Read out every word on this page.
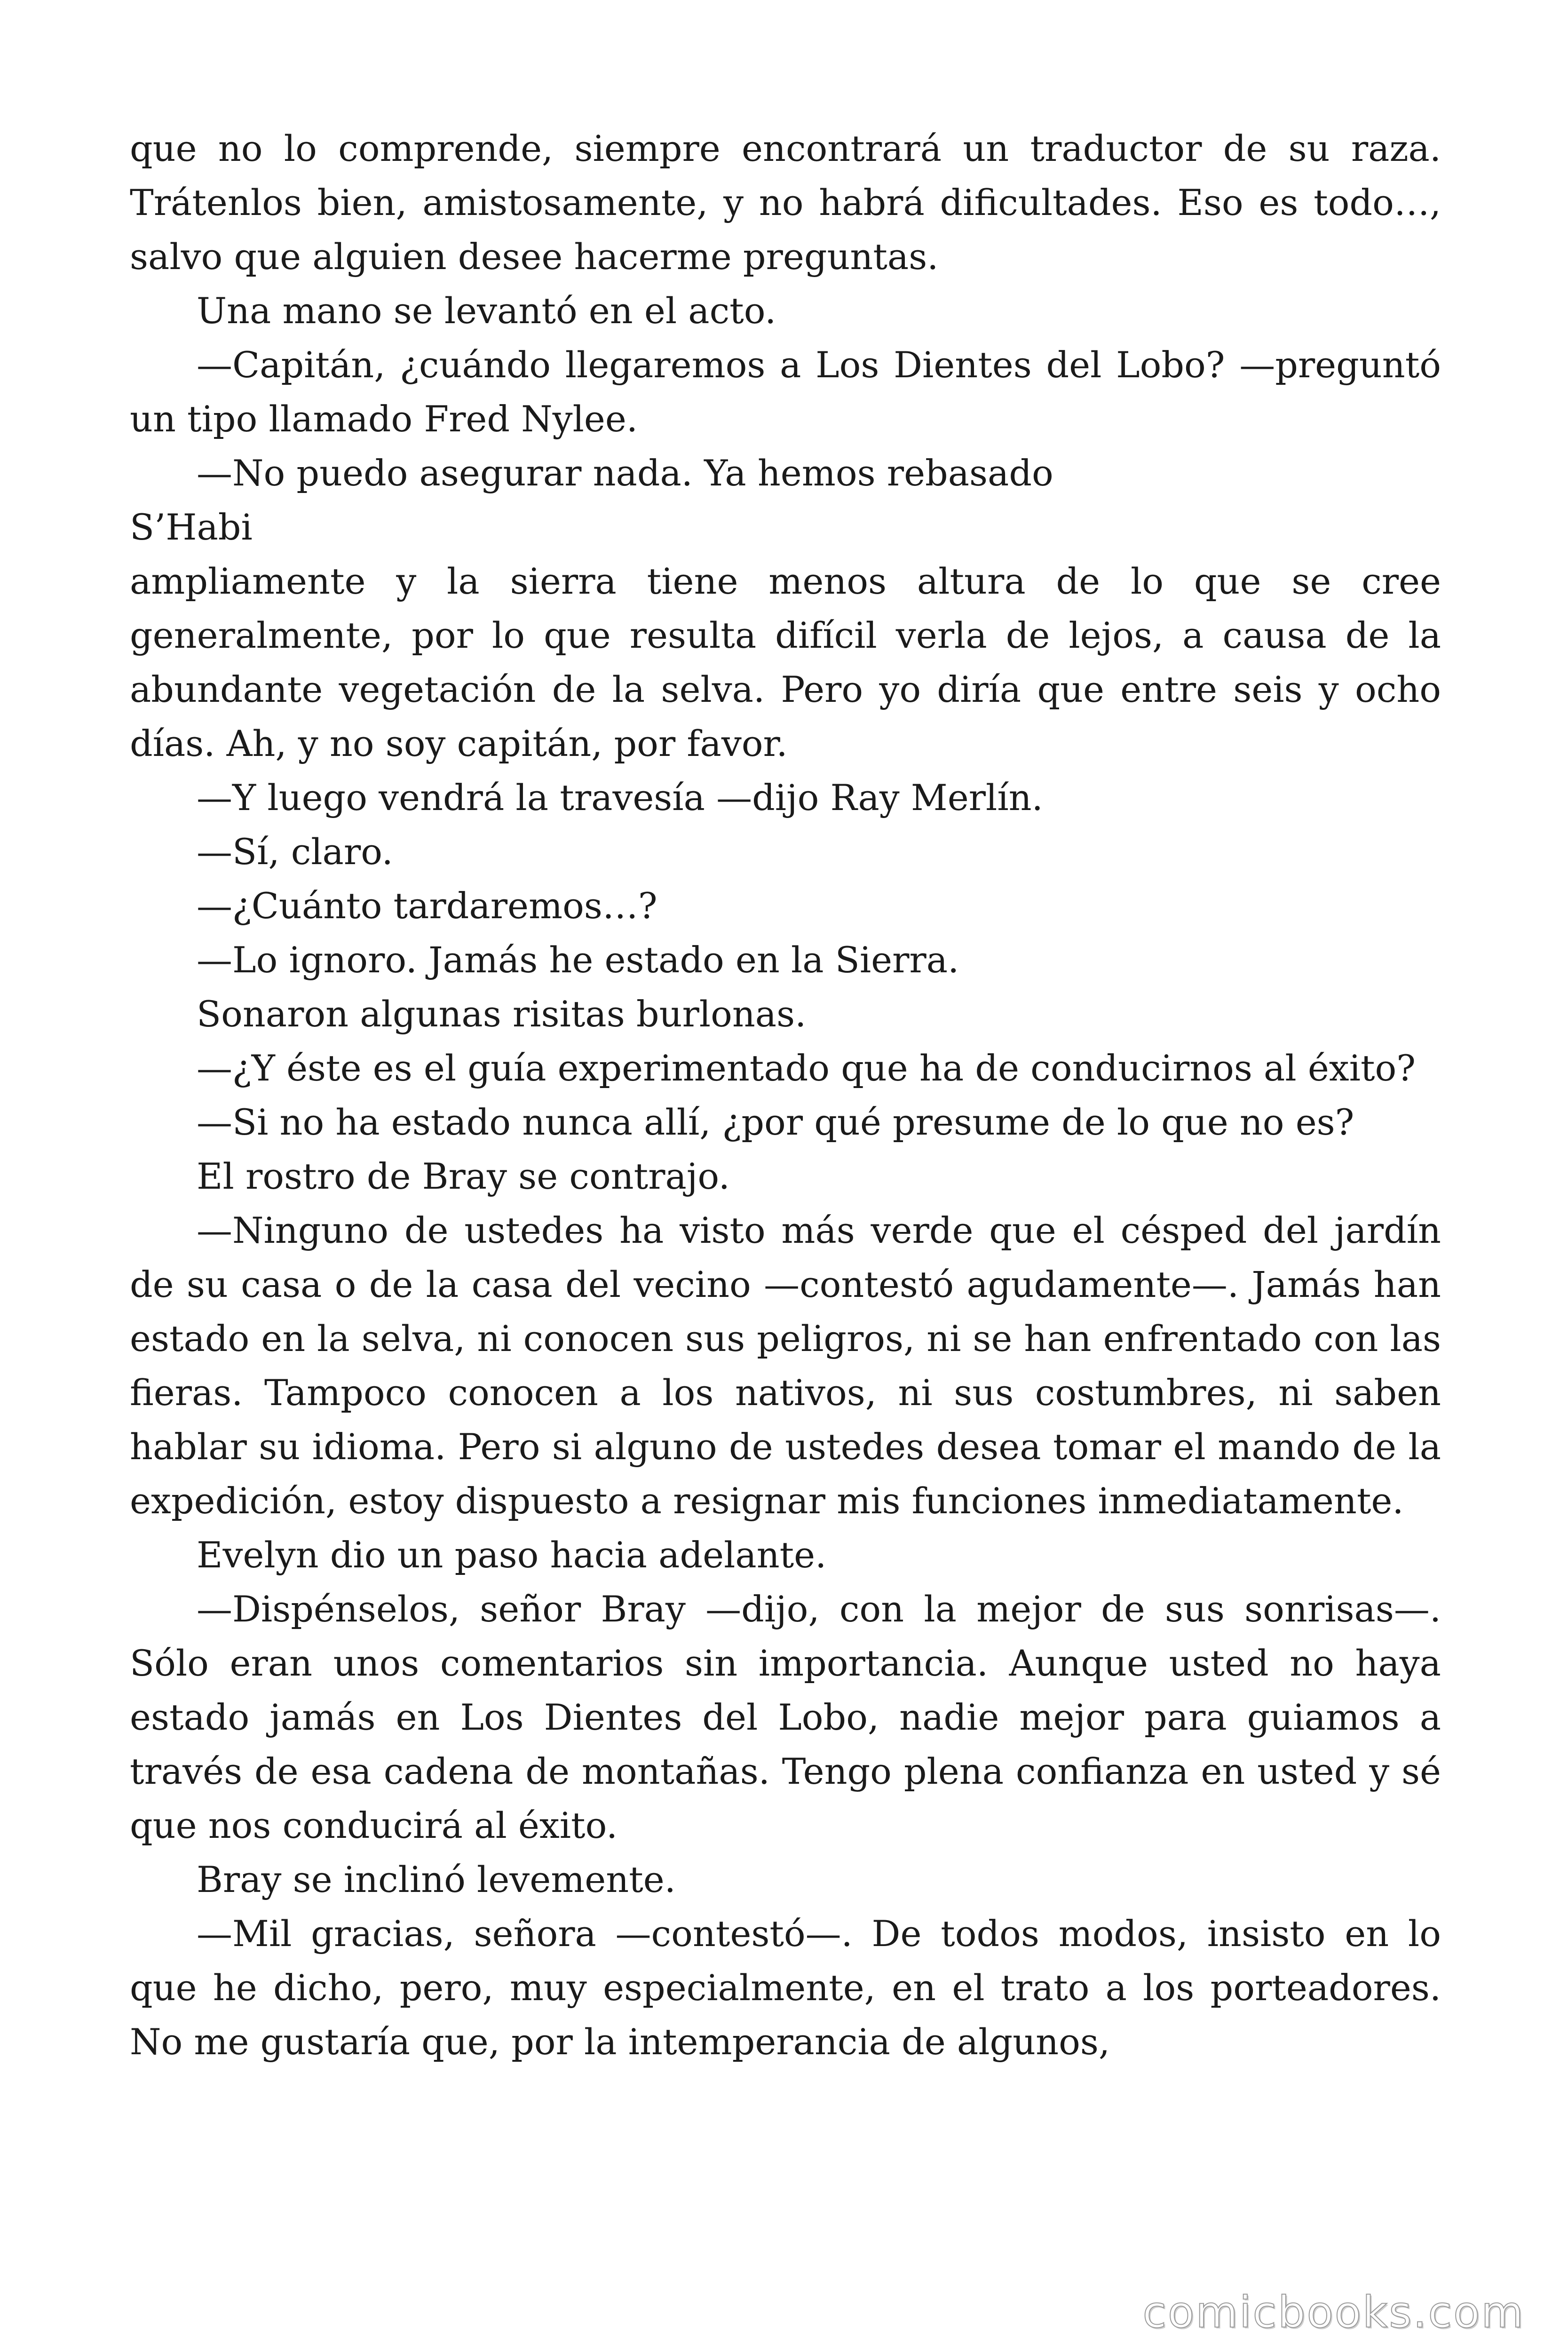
que no lo comprende, siempre encontrará un traductor de su raza. Trátenlos bien, amistosamente, y no habrá dificultades. Eso es todo…, salvo que alguien desee hacerme preguntas.

Una mano se levantó en el acto.

—Capitán, ¿cuándo llegaremos a Los Dientes del Lobo? —preguntó un tipo llamado Fred Nylee.

—No puedo asegurar nada. Ya hemos rebasado

S’Habi

ampliamente y la sierra tiene menos altura de lo que se cree generalmente, por lo que resulta difícil verla de lejos, a causa de la abundante vegetación de la selva. Pero yo diría que entre seis y ocho días. Ah, y no soy capitán, por favor.

—Y luego vendrá la travesía —dijo Ray Merlín.

—Sí, claro.

—¿Cuánto tardaremos…?

—Lo ignoro. Jamás he estado en la Sierra.

Sonaron algunas risitas burlonas.

—¿Y éste es el guía experimentado que ha de conducirnos al éxito?

—Si no ha estado nunca allí, ¿por qué presume de lo que no es?

El rostro de Bray se contrajo.

—Ninguno de ustedes ha visto más verde que el césped del jardín de su casa o de la casa del vecino —contestó agudamente—. Jamás han estado en la selva, ni conocen sus peligros, ni se han enfrentado con las fieras. Tampoco conocen a los nativos, ni sus costumbres, ni saben hablar su idioma. Pero si alguno de ustedes desea tomar el mando de la expedición, estoy dispuesto a resignar mis funciones inmediatamente.

Evelyn dio un paso hacia adelante.

—Dispénselos, señor Bray —dijo, con la mejor de sus sonrisas—. Sólo eran unos comentarios sin importancia. Aunque usted no haya estado jamás en Los Dientes del Lobo, nadie mejor para guiamos a través de esa cadena de montañas. Tengo plena confianza en usted y sé que nos conducirá al éxito.

Bray se inclinó levemente.

—Mil gracias, señora —contestó—. De todos modos, insisto en lo que he dicho, pero, muy especialmente, en el trato a los porteadores. No me gustaría que, por la intemperancia de algunos,

comicbooks.com
